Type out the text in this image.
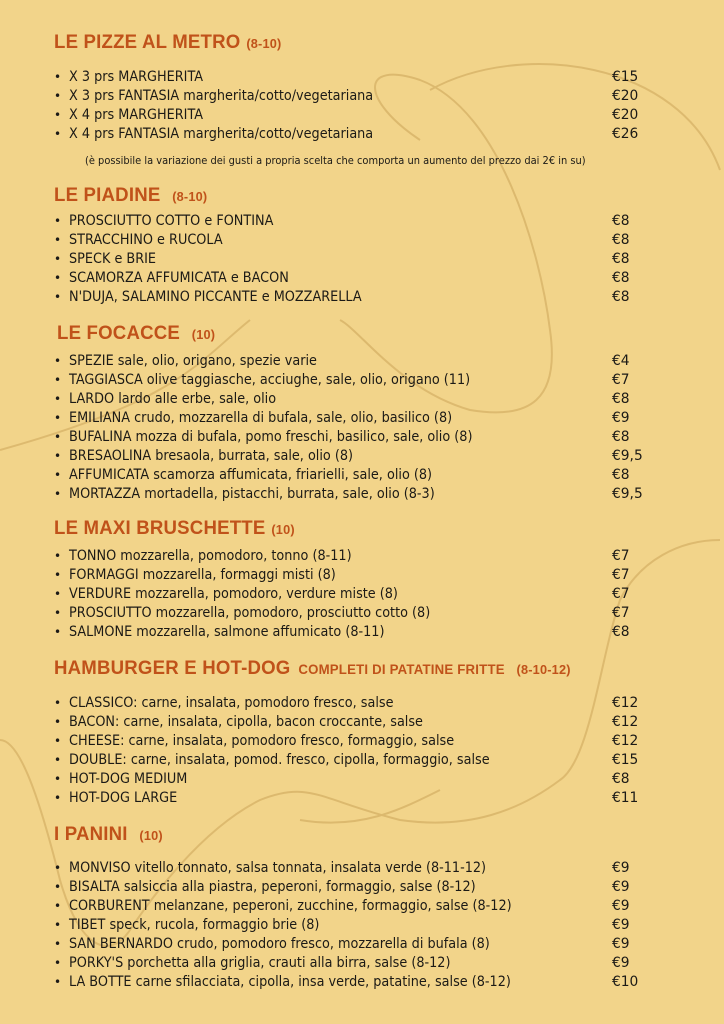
LE PIZZE AL METRO (8-10)
• X 3 prs MARGHERITA	€15
• X 3 prs FANTASIA margherita/cotto/vegetariana	€20
• X 4 prs MARGHERITA	€20
• X 4 prs FANTASIA margherita/cotto/vegetariana	€26
(è possibile la variazione dei gusti a propria scelta che comporta un aumento del prezzo dai 2€ in su)
LE PIADINE (8-10)
• PROSCIUTTO COTTO e FONTINA	€8
• STRACCHINO e RUCOLA	€8
• SPECK e BRIE	€8
• SCAMORZA AFFUMICATA e BACON	€8
• N'DUJA, SALAMINO PICCANTE e MOZZARELLA	€8
LE FOCACCE (10)
• SPEZIE sale, olio, origano, spezie varie	€4
• TAGGIASCA olive taggiasche, acciughe, sale, olio, origano (11)	€7
• LARDO lardo alle erbe, sale, olio	€8
• EMILIANA crudo, mozzarella di bufala, sale, olio, basilico (8)	€9
• BUFALINA mozza di bufala, pomo freschi, basilico, sale, olio (8)	€8
• BRESAOLINA bresaola, burrata, sale, olio (8)	€9,5
• AFFUMICATA scamorza affumicata, friarielli, sale, olio (8)	€8
• MORTAZZA mortadella, pistacchi, burrata, sale, olio (8-3)	€9,5
LE MAXI BRUSCHETTE (10)
• TONNO mozzarella, pomodoro, tonno (8-11)	€7
• FORMAGGI mozzarella, formaggi misti (8)	€7
• VERDURE mozzarella, pomodoro, verdure miste (8)	€7
• PROSCIUTTO mozzarella, pomodoro, prosciutto cotto (8)	€7
• SALMONE mozzarella, salmone affumicato (8-11)	€8
HAMBURGER E HOT-DOG COMPLETI DI PATATINE FRITTE (8-10-12)
• CLASSICO: carne, insalata, pomodoro fresco, salse	€12
• BACON: carne, insalata, cipolla, bacon croccante, salse	€12
• CHEESE: carne, insalata, pomodoro fresco, formaggio, salse	€12
• DOUBLE: carne, insalata, pomod. fresco, cipolla, formaggio, salse	€15
• HOT-DOG MEDIUM	€8
• HOT-DOG LARGE	€11
I PANINI (10)
• MONVISO vitello tonnato, salsa tonnata, insalata verde (8-11-12)	€9
• BISALTA salsiccia alla piastra, peperoni, formaggio, salse (8-12)	€9
• CORBURENT melanzane, peperoni, zucchine, formaggio, salse (8-12)	€9
• TIBET speck, rucola, formaggio brie (8)	€9
• SAN BERNARDO crudo, pomodoro fresco, mozzarella di bufala (8)	€9
• PORKY'S porchetta alla griglia, crauti alla birra, salse (8-12)	€9
• LA BOTTE carne sfilacciata, cipolla, insa verde, patatine, salse (8-12)	€10
